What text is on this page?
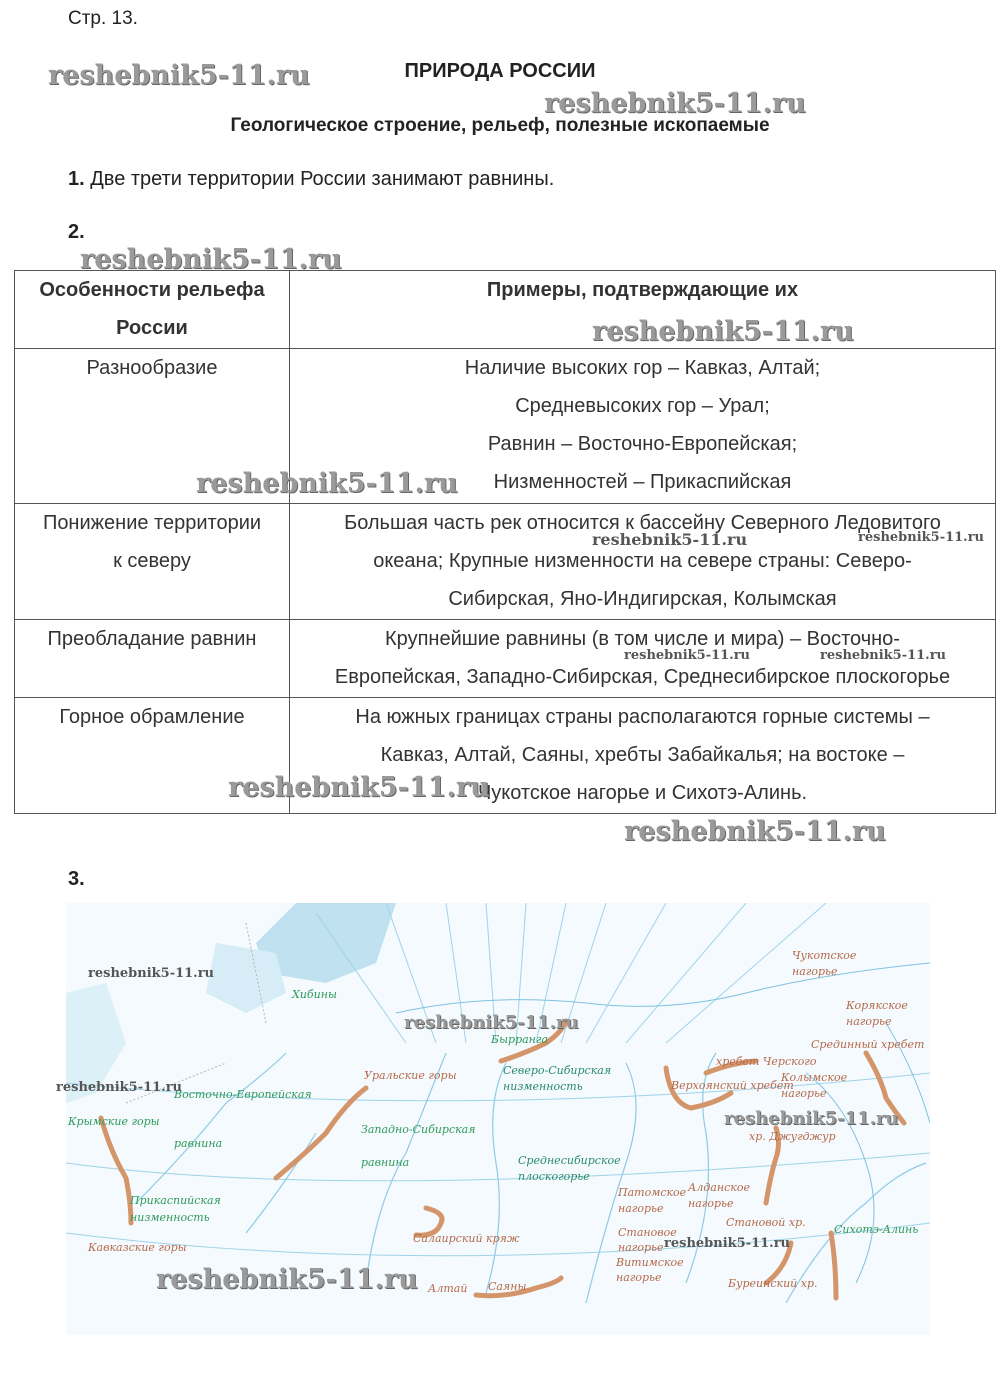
Стр. 13.
ПРИРОДА РОССИИ
Геологическое строение, рельеф, полезные ископаемые
1. Две трети территории России занимают равнины.
2.
Особенности рельефа
России	Примеры, подтверждающие их

Разнообразие	Наличие высоких гор – Кавказ, Алтай;
Средневысоких гор – Урал;
Равнин – Восточно-Европейская;
Низменностей – Прикаспийская

Понижение территории
к северу	Большая часть рек относится к бассейну Северного Ледовитого
океана; Крупные низменности на севере страны: Северо-
Сибирская, Яно-Индигирская, Колымская

Преобладание равнин	Крупнейшие равнины (в том числе и мира) – Восточно-
Европейская, Западно-Сибирская, Среднесибирское плоскогорье

Горное обрамление	На южных границах страны располагаются горные системы –
Кавказ, Алтай, Саяны, хребты Забайкалья; на востоке –
Чукотское нагорье и Сихотэ-Алинь.
3.
Хибины
Бырранга
Чукотское
нагорье
Корякское
нагорье
Срединный хребет
Уральские горы	Северо-Сибирская
низменность
Восточно-Европейская
равнина
Крымские горы
Западно-Сибирская
равнина
хребет Черского
Колымское
нагорье
Верхоянский хребет
хр. Джугджур
Прикаспийская
низменность
Среднесибирское
плоскогорье
Патомское
нагорье
Алданское
нагорье
Становой хр.
Сихотэ-Алинь
Кавказские горы
Салаирский кряж	Становое
нагорье
Витимское
нагорье
Алтай Саяны	Буреинский хр.
reshebnik5-11.ru
reshebnik5-11.ru
reshebnik5-11.ru
reshebnik5-11.ru
reshebnik5-11.ru
reshebnik5-11.ru	reshebnik5-11.ru
reshebnik5-11.ru	reshebnik5-11.ru
reshebnik5-11.ru
reshebnik5-11.ru
reshebnik5-11.ru
reshebnik5-11.ru
reshebnik5-11.ru
reshebnik5-11.ru
reshebnik5-11.ru
reshebnik5-11.ru
